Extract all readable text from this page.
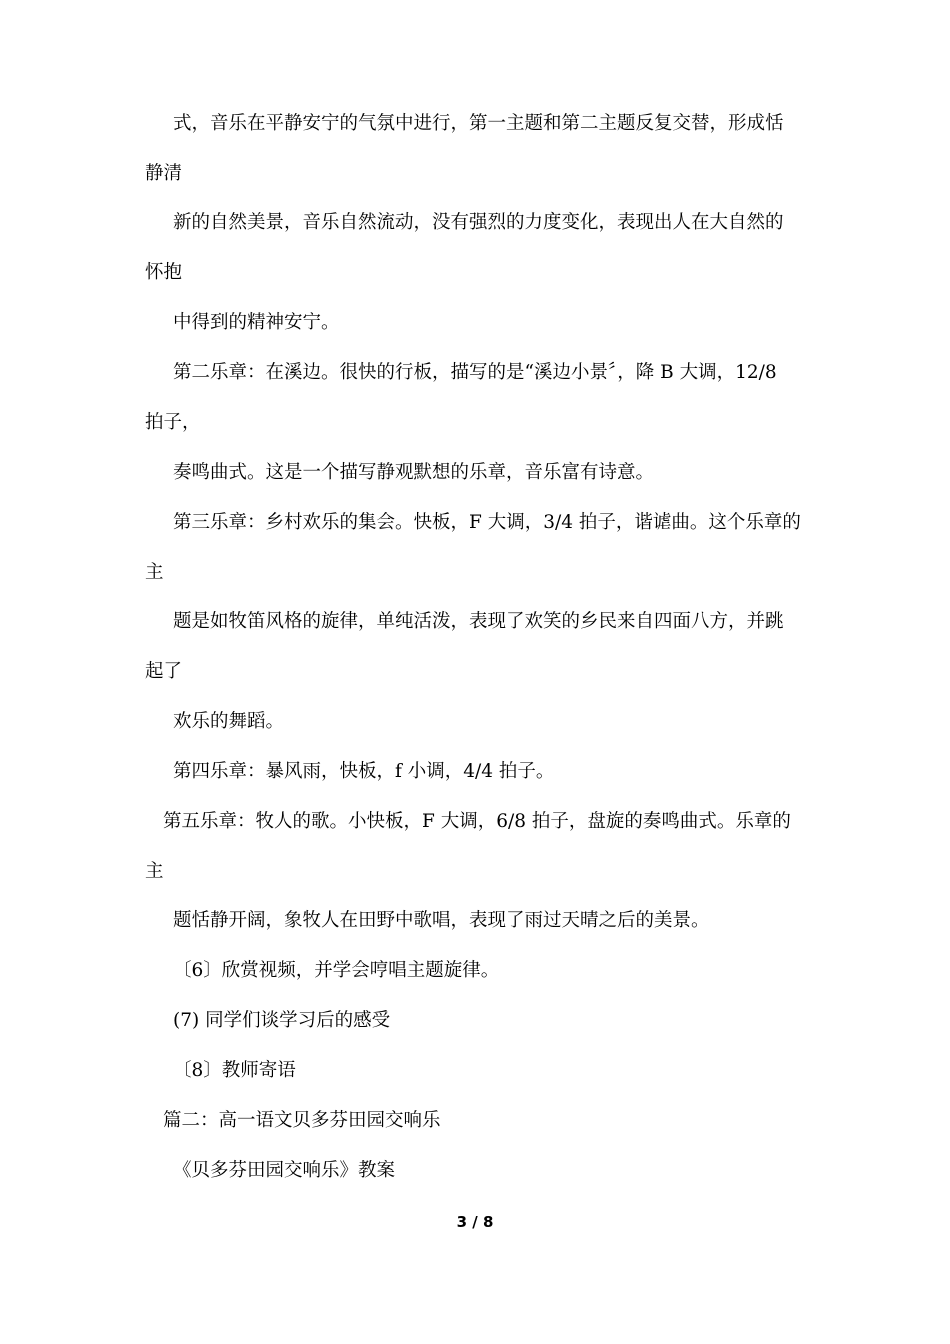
式，音乐在平静安宁的气氛中进行，第一主题和第二主题反复交替，形成恬
静清
新的自然美景，音乐自然流动，没有强烈的力度变化，表现出人在大自然的
怀抱
中得到的精神安宁。
第二乐章：在溪边。很快的行板，描写的是“溪边小景〞，降 B 大调，12/8
拍子，
奏鸣曲式。这是一个描写静观默想的乐章，音乐富有诗意。
第三乐章：乡村欢乐的集会。快板，F 大调，3/4 拍子，谐谑曲。这个乐章的
主
题是如牧笛风格的旋律，单纯活泼，表现了欢笑的乡民来自四面八方，并跳
起了
欢乐的舞蹈。
第四乐章：暴风雨，快板，f 小调，4/4 拍子。
第五乐章：牧人的歌。小快板，F 大调，6/8 拍子，盘旋的奏鸣曲式。乐章的
主
题恬静开阔，象牧人在田野中歌唱，表现了雨过天晴之后的美景。
〔6〕欣赏视频，并学会哼唱主题旋律。
(7) 同学们谈学习后的感受
〔8〕教师寄语
篇二：高一语文贝多芬田园交响乐
《贝多芬田园交响乐》教案
3 / 8
